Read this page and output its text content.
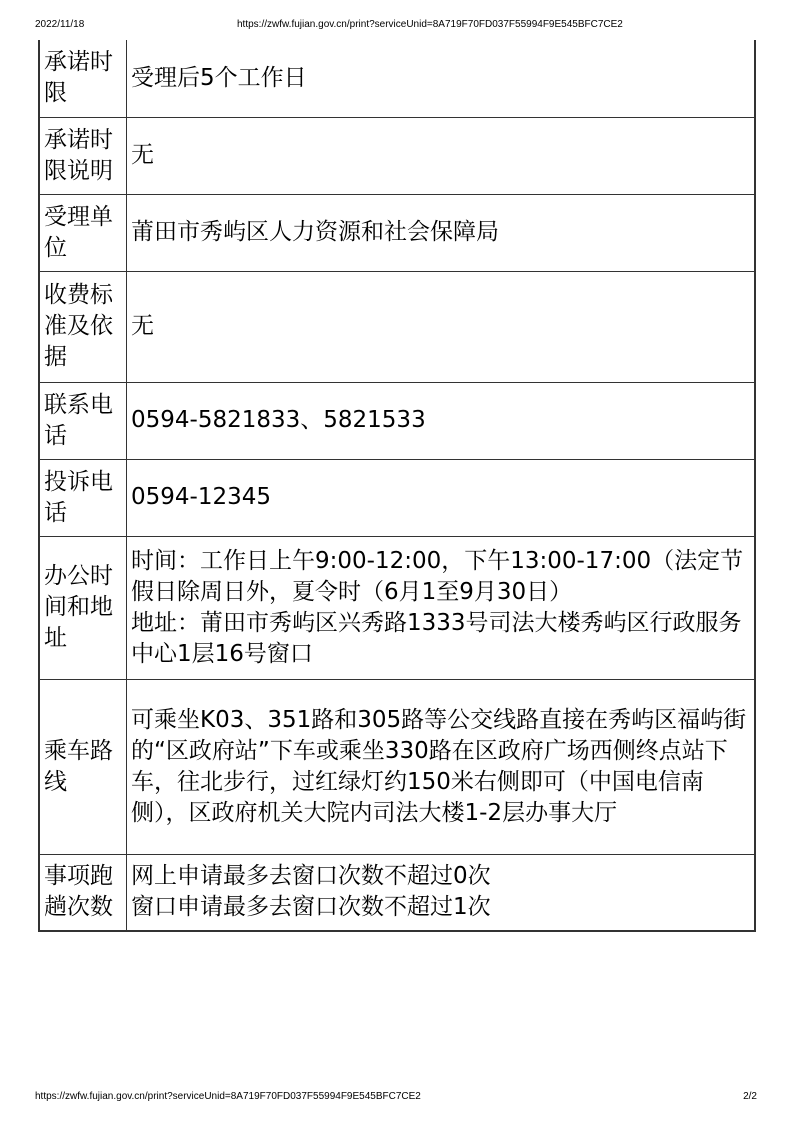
2022/11/18	https://zwfw.fujian.gov.cn/print?serviceUnid=8A719F70FD037F55994F9E545BFC7CE2
承诺时限	受理后5个工作日

承诺时限说明	无

受理单位	莆田市秀屿区人力资源和社会保障局

收费标准及依据	无

联系电话	0594-5821833、5821533

投诉电话	0594-12345

办公时间和地址	时间：工作日上午9:00-12:00，下午13:00-17:00（法定节假日除周日外，夏令时（6月1至9月30日）
地址：莆田市秀屿区兴秀路1333号司法大楼秀屿区行政服务中心1层16号窗口

乘车路线	可乘坐K03、351路和305路等公交线路直接在秀屿区福屿街的“区政府站”下车或乘坐330路在区政府广场西侧终点站下车，往北步行，过红绿灯约150米右侧即可（中国电信南侧），区政府机关大院内司法大楼1-2层办事大厅

事项跑趟次数	网上申请最多去窗口次数不超过0次
窗口申请最多去窗口次数不超过1次
https://zwfw.fujian.gov.cn/print?serviceUnid=8A719F70FD037F55994F9E545BFC7CE2	2/2
